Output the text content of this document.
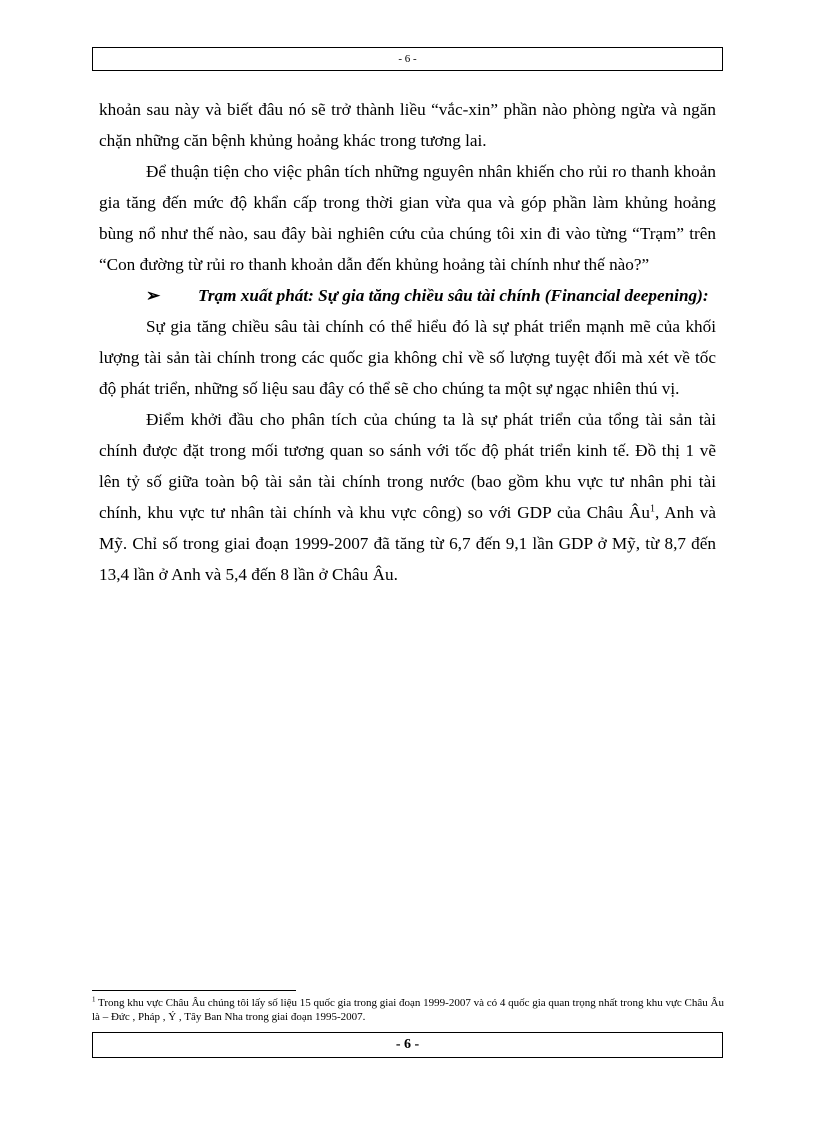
- 6 -

khoản sau này và biết đâu nó sẽ trở thành liều “vắc-xin” phần nào phòng ngừa và ngăn chặn những căn bệnh khủng hoảng khác trong tương lai.

Để thuận tiện cho việc phân tích những nguyên nhân khiến cho rủi ro thanh khoản gia tăng đến mức độ khẩn cấp trong thời gian vừa qua và góp phần làm khủng hoảng bùng nổ như thế nào, sau đây bài nghiên cứu của chúng tôi xin đi vào từng “Trạm” trên “Con đường từ rủi ro thanh khoản dẫn đến khủng hoảng tài chính như thế nào?”

➢ Trạm xuất phát: Sự gia tăng chiều sâu tài chính (Financial deepening):

Sự gia tăng chiều sâu tài chính có thể hiểu đó là sự phát triển mạnh mẽ của khối lượng tài sản tài chính trong các quốc gia không chỉ về số lượng tuyệt đối mà xét về tốc độ phát triển, những số liệu sau đây có thể sẽ cho chúng ta một sự ngạc nhiên thú vị.

Điểm khởi đầu cho phân tích của chúng ta là sự phát triển của tổng tài sản tài chính được đặt trong mối tương quan so sánh với tốc độ phát triển kinh tế. Đồ thị 1 vẽ lên tỷ số giữa toàn bộ tài sản tài chính trong nước (bao gồm khu vực tư nhân phi tài chính, khu vực tư nhân tài chính và khu vực công) so với GDP của Châu $Âu^1$, Anh và Mỹ. Chỉ số trong giai đoạn 1999-2007 đã tăng từ 6,7 đến 9,1 lần GDP ở Mỹ, từ 8,7 đến 13,4 lần ở Anh và 5,4 đến 8 lần ở Châu Âu.

$^1$ Trong khu vực Châu Âu chúng tôi lấy số liệu 15 quốc gia trong giai đoạn 1999-2007 và có 4 quốc gia quan trọng nhất trong khu vực Châu Âu là – Đức , Pháp , Ý , Tây Ban Nha trong giai đoạn 1995-2007.
- 6 -
